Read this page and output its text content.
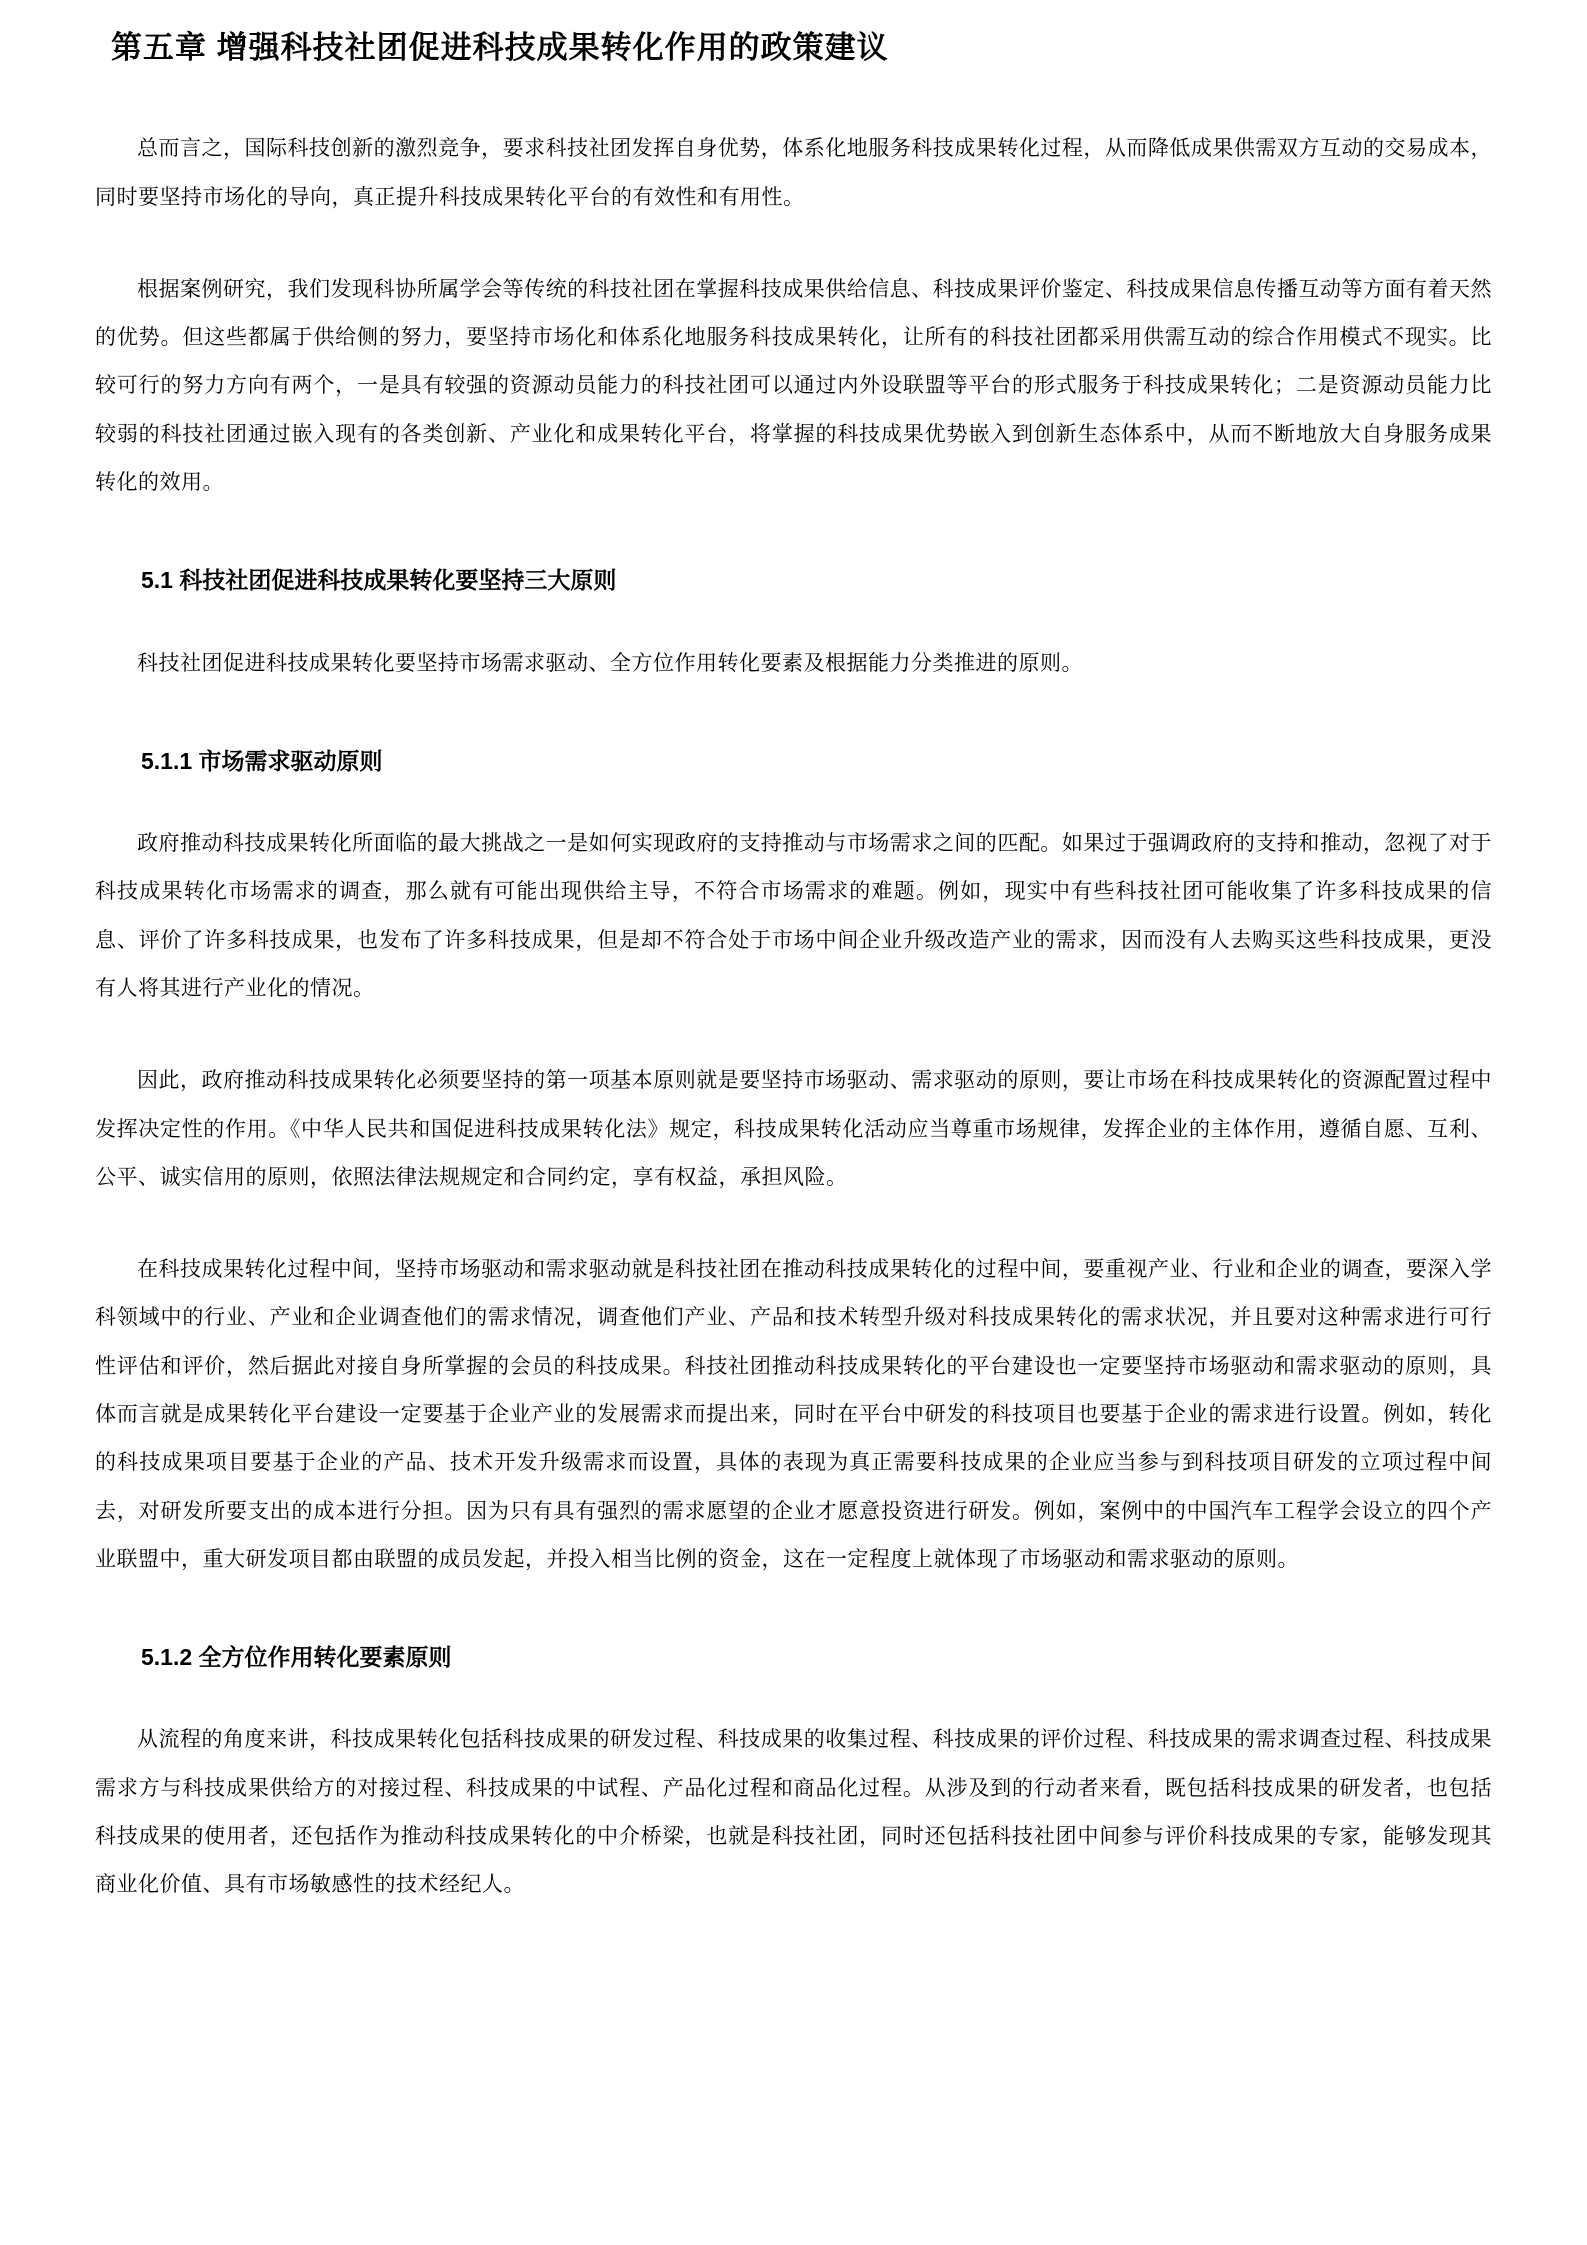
第五章 增强科技社团促进科技成果转化作用的政策建议

总而言之，国际科技创新的激烈竞争，要求科技社团发挥自身优势，体系化地服务科技成果转化过程，从而降低成果供需双方互动的交易成本，同时要坚持市场化的导向，真正提升科技成果转化平台的有效性和有用性。

根据案例研究，我们发现科协所属学会等传统的科技社团在掌握科技成果供给信息、科技成果评价鉴定、科技成果信息传播互动等方面有着天然的优势。但这些都属于供给侧的努力，要坚持市场化和体系化地服务科技成果转化，让所有的科技社团都采用供需互动的综合作用模式不现实。比较可行的努力方向有两个，一是具有较强的资源动员能力的科技社团可以通过内外设联盟等平台的形式服务于科技成果转化；二是资源动员能力比较弱的科技社团通过嵌入现有的各类创新、产业化和成果转化平台，将掌握的科技成果优势嵌入到创新生态体系中，从而不断地放大自身服务成果转化的效用。

5.1 科技社团促进科技成果转化要坚持三大原则

科技社团促进科技成果转化要坚持市场需求驱动、全方位作用转化要素及根据能力分类推进的原则。

5.1.1 市场需求驱动原则

政府推动科技成果转化所面临的最大挑战之一是如何实现政府的支持推动与市场需求之间的匹配。如果过于强调政府的支持和推动，忽视了对于科技成果转化市场需求的调查，那么就有可能出现供给主导，不符合市场需求的难题。例如，现实中有些科技社团可能收集了许多科技成果的信息、评价了许多科技成果，也发布了许多科技成果，但是却不符合处于市场中间企业升级改造产业的需求，因而没有人去购买这些科技成果，更没有人将其进行产业化的情况。

因此，政府推动科技成果转化必须要坚持的第一项基本原则就是要坚持市场驱动、需求驱动的原则，要让市场在科技成果转化的资源配置过程中发挥决定性的作用。《中华人民共和国促进科技成果转化法》规定，科技成果转化活动应当尊重市场规律，发挥企业的主体作用，遵循自愿、互利、公平、诚实信用的原则，依照法律法规规定和合同约定，享有权益，承担风险。

在科技成果转化过程中间，坚持市场驱动和需求驱动就是科技社团在推动科技成果转化的过程中间，要重视产业、行业和企业的调查，要深入学科领域中的行业、产业和企业调查他们的需求情况，调查他们产业、产品和技术转型升级对科技成果转化的需求状况，并且要对这种需求进行可行性评估和评价，然后据此对接自身所掌握的会员的科技成果。科技社团推动科技成果转化的平台建设也一定要坚持市场驱动和需求驱动的原则，具体而言就是成果转化平台建设一定要基于企业产业的发展需求而提出来，同时在平台中研发的科技项目也要基于企业的需求进行设置。例如，转化的科技成果项目要基于企业的产品、技术开发升级需求而设置，具体的表现为真正需要科技成果的企业应当参与到科技项目研发的立项过程中间去，对研发所要支出的成本进行分担。因为只有具有强烈的需求愿望的企业才愿意投资进行研发。例如，案例中的中国汽车工程学会设立的四个产业联盟中，重大研发项目都由联盟的成员发起，并投入相当比例的资金，这在一定程度上就体现了市场驱动和需求驱动的原则。

5.1.2 全方位作用转化要素原则

从流程的角度来讲，科技成果转化包括科技成果的研发过程、科技成果的收集过程、科技成果的评价过程、科技成果的需求调查过程、科技成果需求方与科技成果供给方的对接过程、科技成果的中试程、产品化过程和商品化过程。从涉及到的行动者来看，既包括科技成果的研发者，也包括科技成果的使用者，还包括作为推动科技成果转化的中介桥梁，也就是科技社团，同时还包括科技社团中间参与评价科技成果的专家，能够发现其商业化价值、具有市场敏感性的技术经纪人。
